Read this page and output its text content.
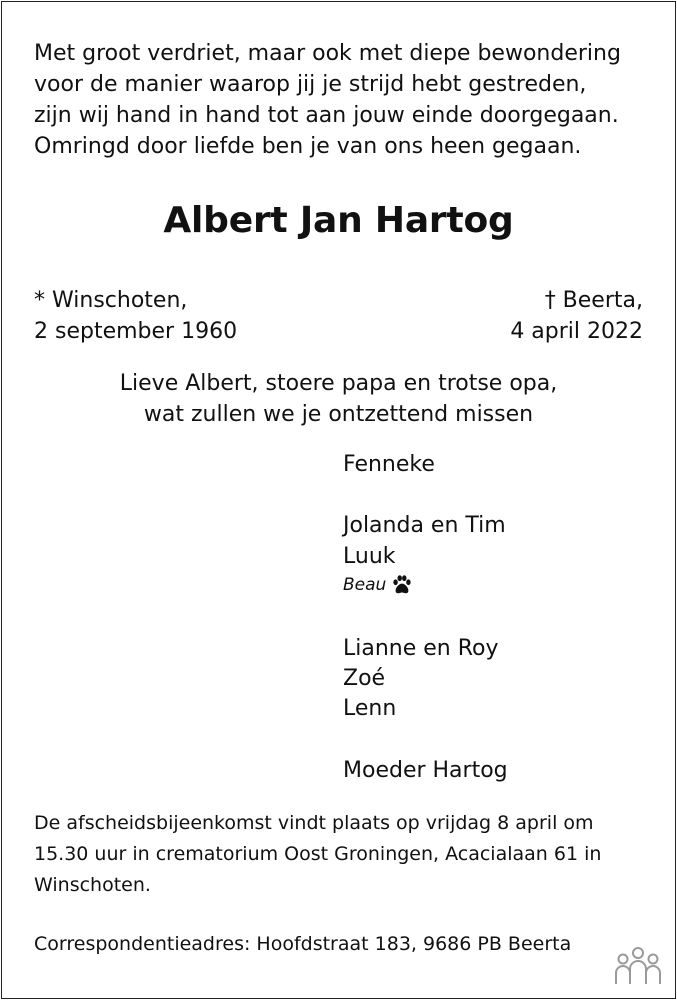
Met groot verdriet, maar ook met diepe bewondering
voor de manier waarop jij je strijd hebt gestreden,
zijn wij hand in hand tot aan jouw einde doorgegaan.
Omringd door liefde ben je van ons heen gegaan.
Albert Jan Hartog
* Winschoten,
2 september 1960
† Beerta,
4 april 2022
Lieve Albert, stoere papa en trotse opa,
wat zullen we je ontzettend missen
Fenneke
Jolanda en Tim
Luuk
Beau
Lianne en Roy
Zoé
Lenn
Moeder Hartog
De afscheidsbijeenkomst vindt plaats op vrijdag 8 april om
15.30 uur in crematorium Oost Groningen, Acacialaan 61 in
Winschoten.
Correspondentieadres: Hoofdstraat 183, 9686 PB Beerta
